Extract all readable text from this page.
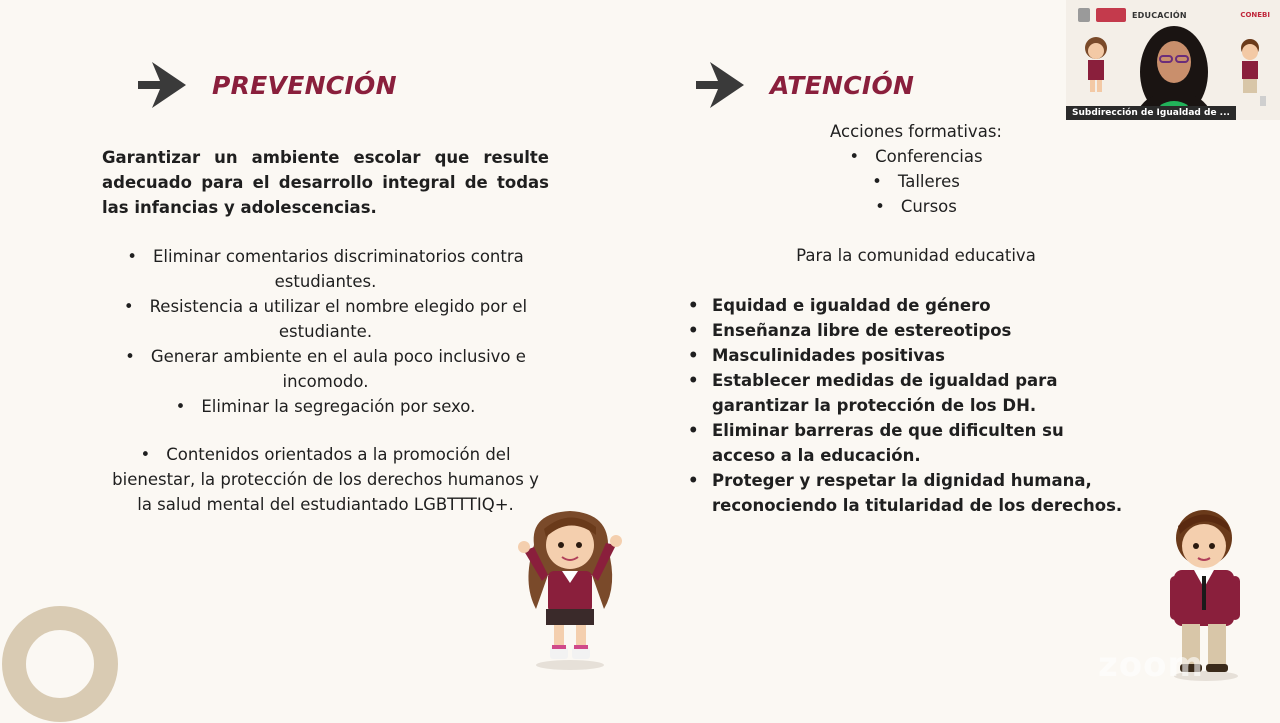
PREVENCIÓN

Garantizar un ambiente escolar que resulte adecuado para el desarrollo integral de todas las infancias y adolescencias.

• Eliminar comentarios discriminatorios contra estudiantes.
• Resistencia a utilizar el nombre elegido por el estudiante.
• Generar ambiente en el aula poco inclusivo e incomodo.
• Eliminar la segregación por sexo.
• Contenidos orientados a la promoción del bienestar, la protección de los derechos humanos y la salud mental del estudiantado LGBTTTIQ+.
ATENCIÓN
Acciones formativas:
• Conferencias
• Talleres
• Cursos
Para la comunidad educativa
• Equidad e igualdad de género
• Enseñanza libre de estereotipos
• Masculinidades positivas
• Establecer medidas de igualdad para garantizar la protección de los DH.
• Eliminar barreras de que dificulten su acceso a la educación.
• Proteger y respetar la dignidad humana, reconociendo la titularidad de los derechos.
EDUCACIÓN	CONEBI
Subdirección de Igualdad de ...
zoom
